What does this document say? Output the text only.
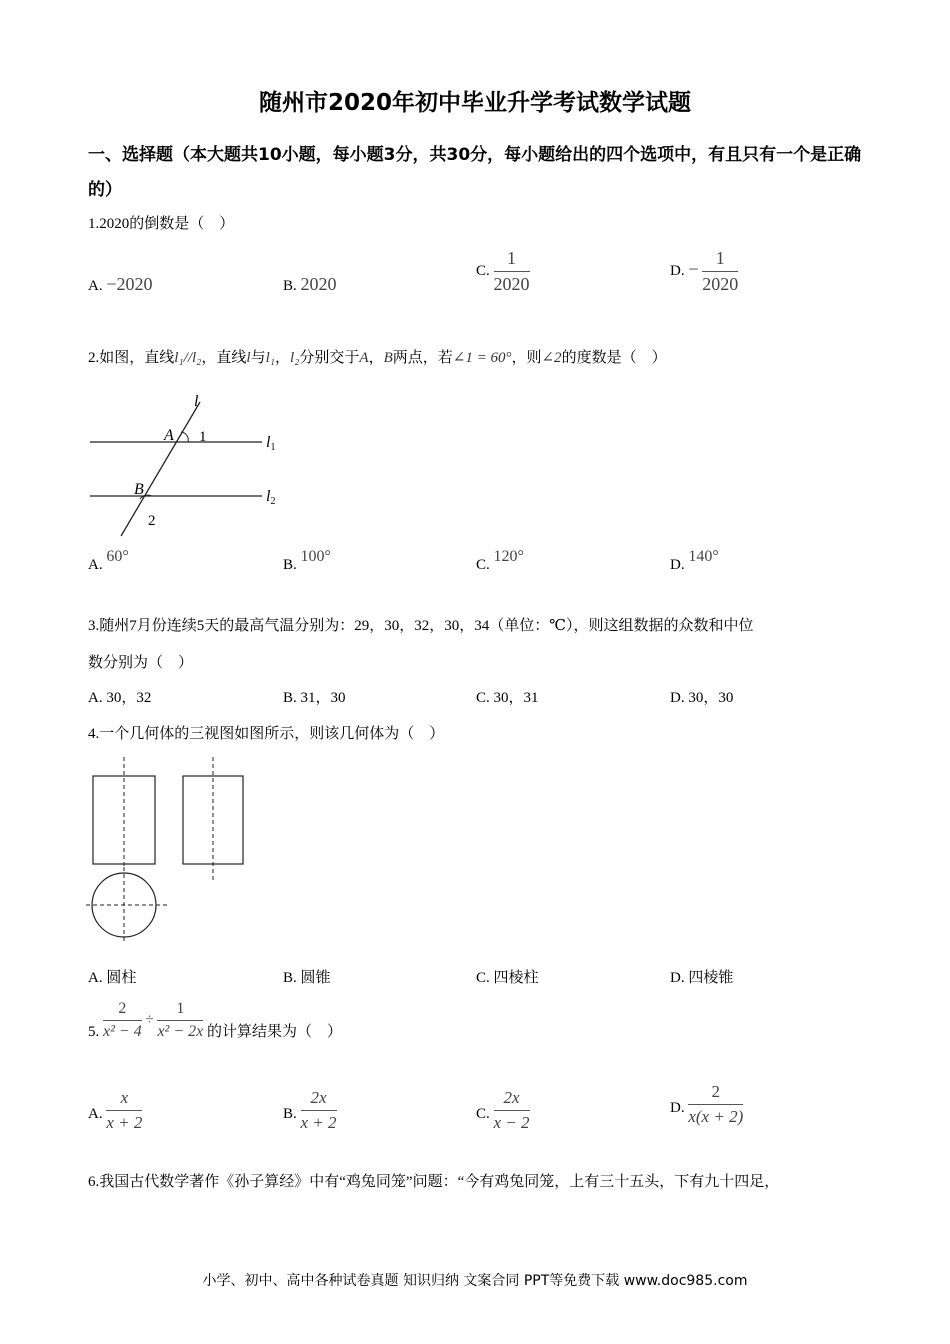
随州市2020年初中毕业升学考试数学试题
一、选择题（本大题共10小题，每小题3分，共30分，每小题给出的四个选项中，有且只有一个是正确的）
1.2020的倒数是（　）
A. −2020	B. 2020
C. $\frac{1}{2020}$	D. − $\frac{1}{2020}$
2.如图，直线l₁//l₂，直线l与l₁，l₂分别交于A，B两点，若∠1 = 60°，则∠2的度数是（　）
l
A 1	l1
B	l2
2
A. 60°	B. 100°	C. 120°	D. 140°
3.随州7月份连续5天的最高气温分别为：29，30，32，30，34（单位：℃），则这组数据的众数和中位
数分别为（　）
A. 30，32	B. 31，30	C. 30，31	D. 30，30
4.一个几何体的三视图如图所示，则该几何体为（　）
A. 圆柱	B. 圆锥	C. 四棱柱	D. 四棱锥
5. $\frac{2}{\text{x² − 4}} \div \frac{1}{\text{x² − 2x}}$ 的计算结果为（　）
A. $\frac{x}{x + 2}$	B. $\frac{2x}{x + 2}$	C. $\frac{2x}{x - 2}$	D. $\frac{2}{x(x + 2)}$
6.我国古代数学著作《孙子算经》中有“鸡兔同笼”问题：“今有鸡兔同笼，上有三十五头，下有九十四足，
小学、初中、高中各种试卷真题 知识归纳 文案合同 PPT等免费下载 www.doc985.com
